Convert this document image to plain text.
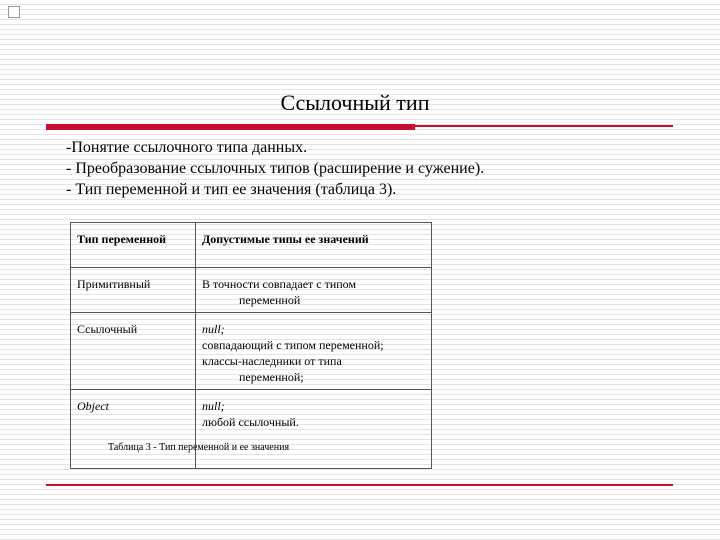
Ссылочный тип
-Понятие ссылочного типа данных.
- Преобразование ссылочных типов (расширение и сужение).
- Тип переменной и тип ее значения (таблица 3).
Тип переменной	Допустимые типы ее значений
Примитивный	В точности совпадает с типом
переменной

Ссылочный	null;
совпадающий с типом переменной;
классы-наследники от типа
переменной;

Object	null;
любой ссылочный.
Таблица 3 - Тип переменной и ее значения
